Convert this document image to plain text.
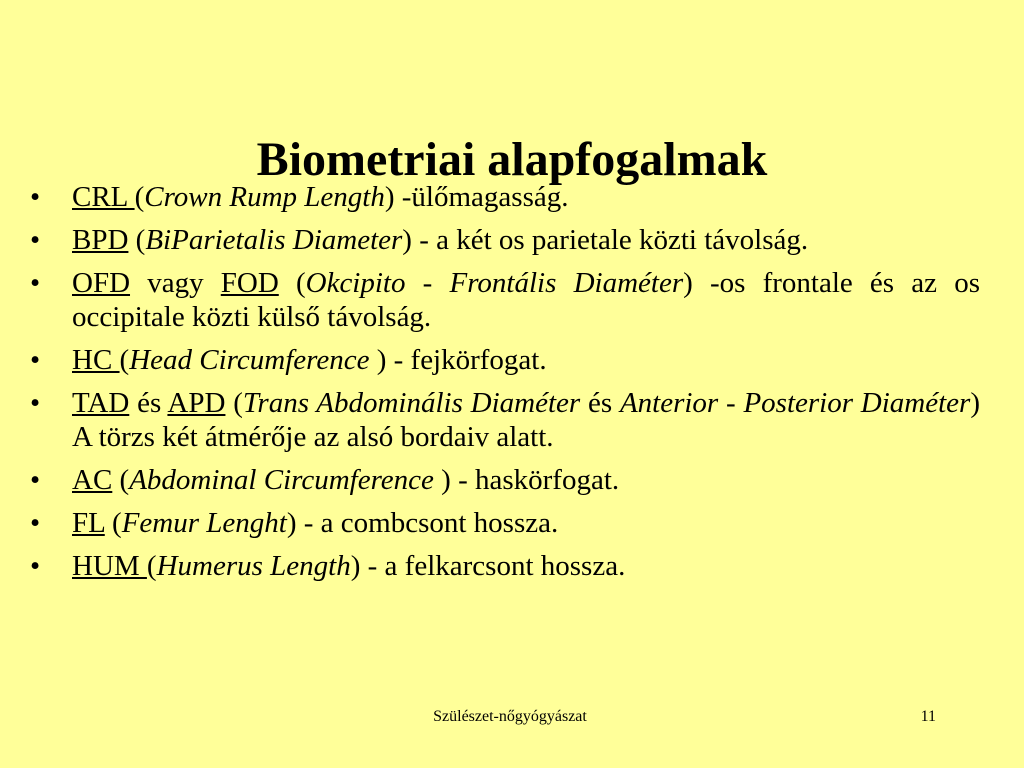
Biometriai alapfogalmak
• CRL (Crown Rump Length) -ülőmagasság.
• BPD (BiParietalis Diameter) - a két os parietale közti távolság.
• OFD vagy FOD (Okcipito - Frontális Diaméter) -os frontale és az os occipitale közti külső távolság.
• HC (Head Circumference ) - fejkörfogat.
• TAD és APD (Trans Abdominális Diaméter és Anterior - Posterior Diaméter) A törzs két átmérője az alsó bordaiv alatt.
• AC (Abdominal Circumference ) - haskörfogat.
• FL (Femur Lenght) - a combcsont hossza.
• HUM (Humerus Length) - a felkarcsont hossza.
Szülészet-nőgyógyászat	11
